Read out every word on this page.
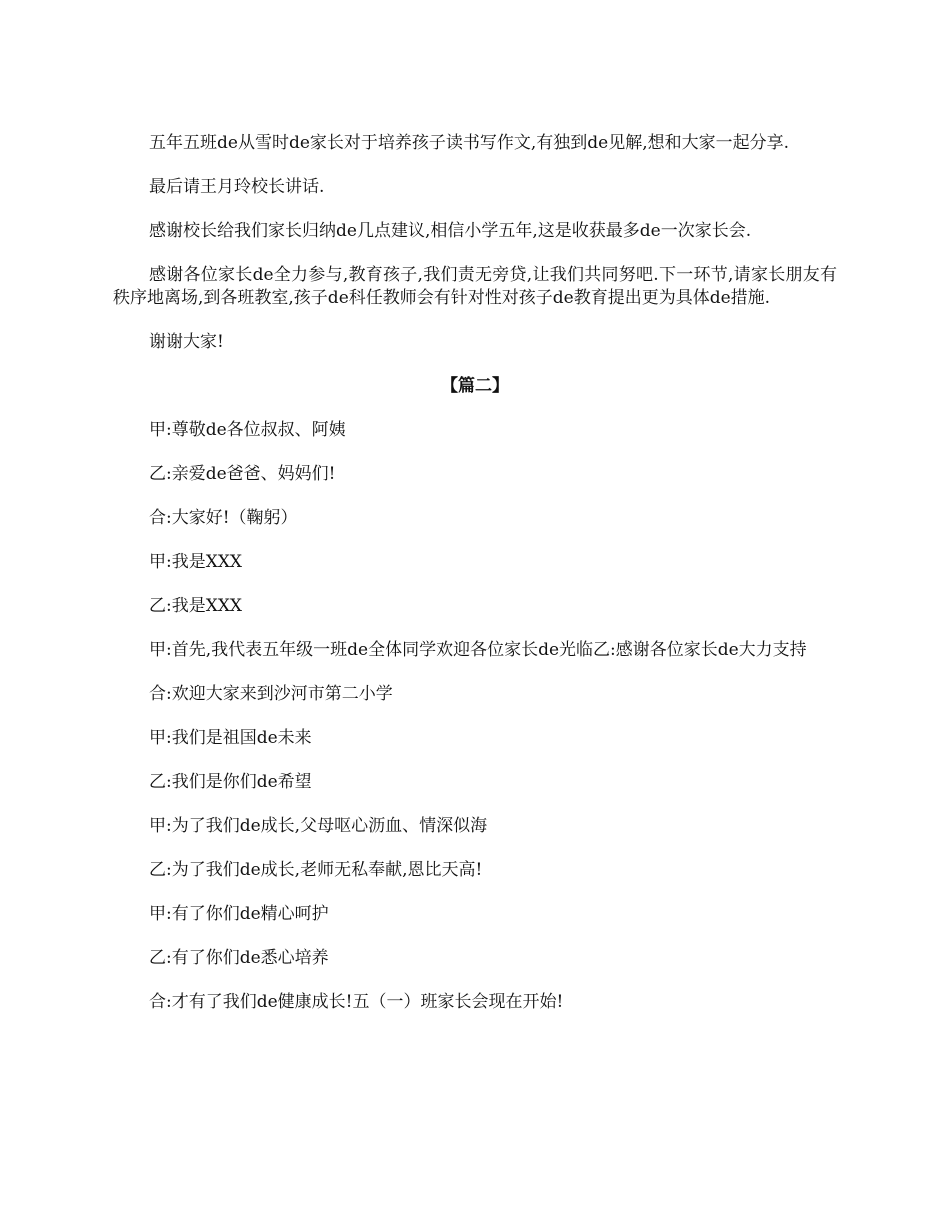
五年五班de从雪时de家长对于培养孩子读书写作文,有独到de见解,想和大家一起分享.

最后请王月玲校长讲话.

感谢校长给我们家长归纳de几点建议,相信小学五年,这是收获最多de一次家长会.

感谢各位家长de全力参与,教育孩子,我们责无旁贷,让我们共同努吧.下一环节,请家长朋友有秩序地离场,到各班教室,孩子de科任教师会有针对性对孩子de教育提出更为具体de措施.

谢谢大家!

【篇二】

甲:尊敬de各位叔叔、阿姨

乙:亲爱de爸爸、妈妈们!

合:大家好!（鞠躬）

甲:我是XXX

乙:我是XXX

甲:首先,我代表五年级一班de全体同学欢迎各位家长de光临乙:感谢各位家长de大力支持

合:欢迎大家来到沙河市第二小学

甲:我们是祖国de未来

乙:我们是你们de希望

甲:为了我们de成长,父母呕心沥血、情深似海

乙:为了我们de成长,老师无私奉献,恩比天高!

甲:有了你们de精心呵护

乙:有了你们de悉心培养

合:才有了我们de健康成长!五（一）班家长会现在开始!
